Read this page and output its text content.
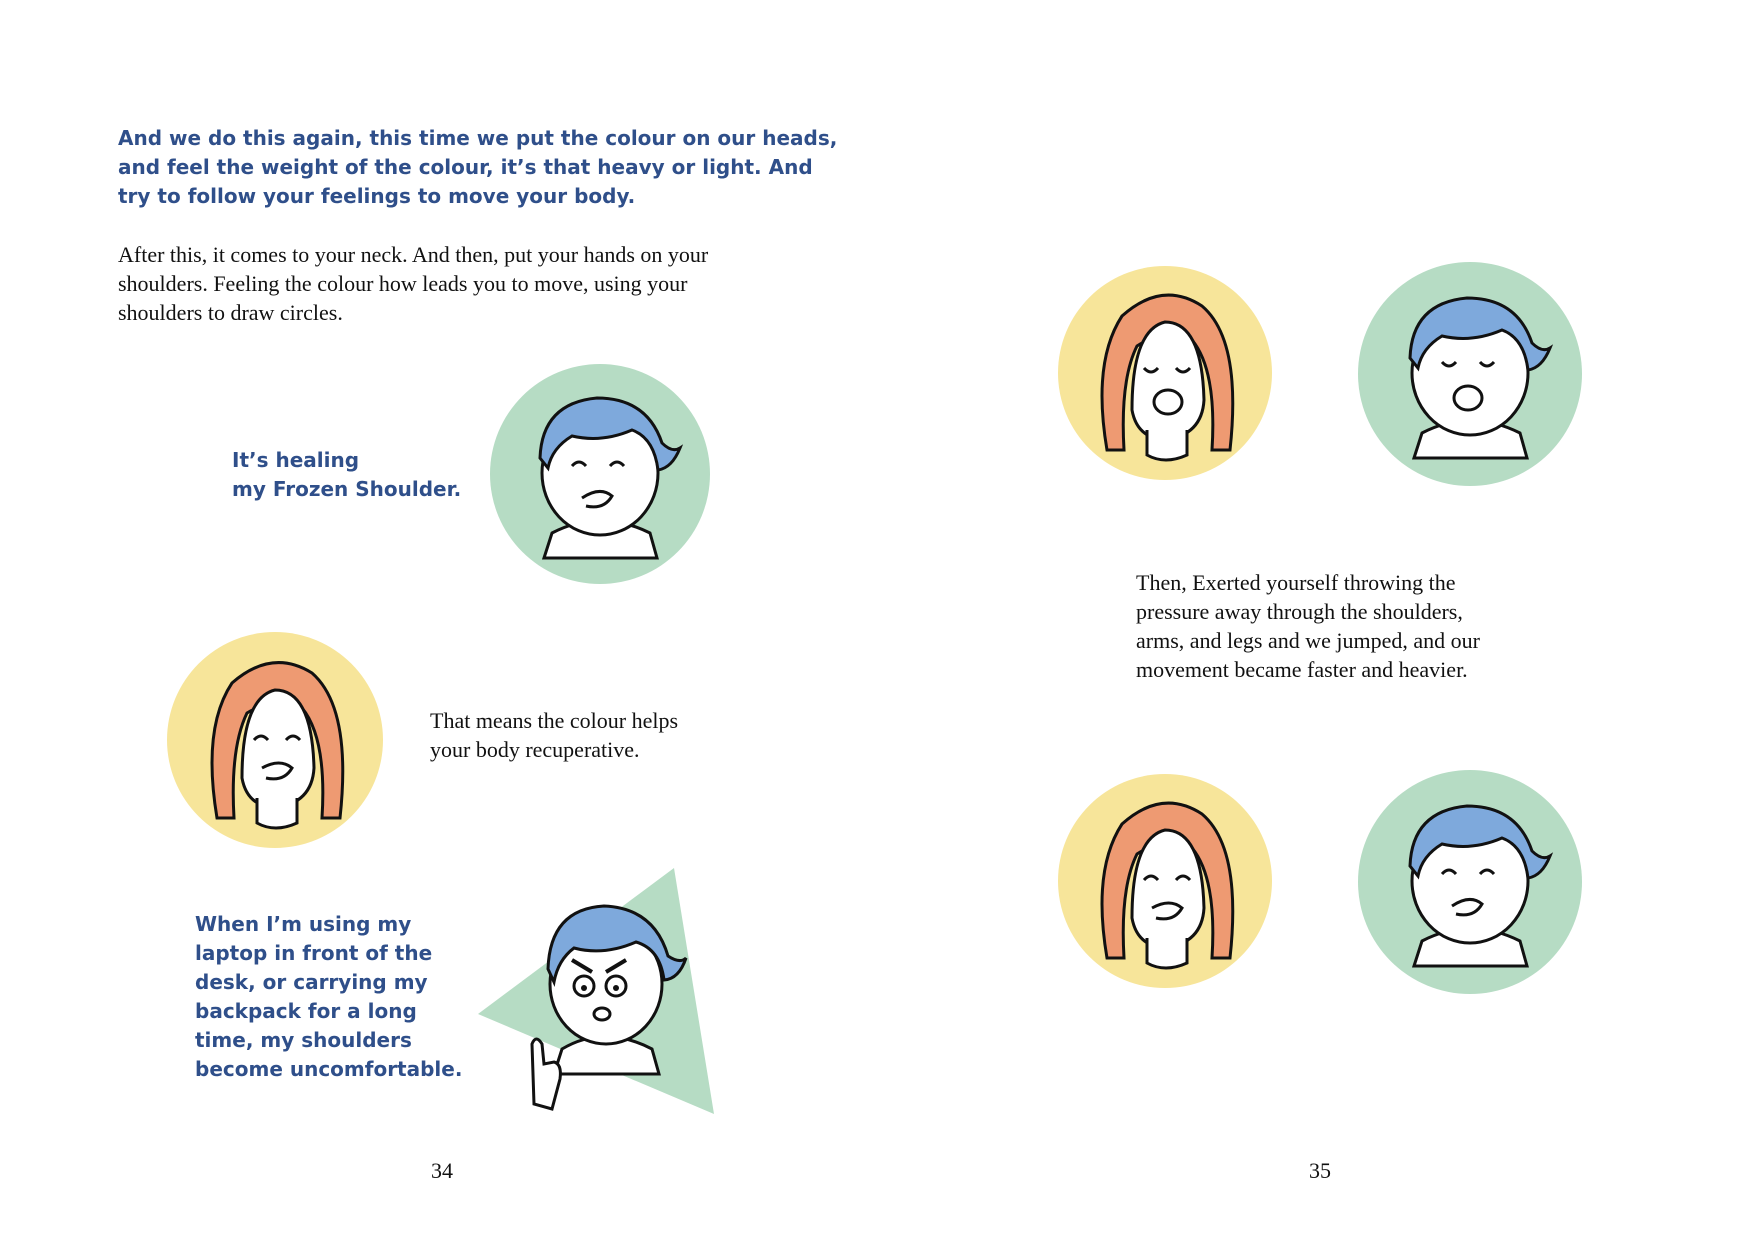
And we do this again, this time we put the colour on our heads,
and feel the weight of the colour, it’s that heavy or light. And
try to follow your feelings to move your body.

After this, it comes to your neck. And then, put your hands on your
shoulders. Feeling the colour how leads you to move, using your
shoulders to draw circles.

It’s healing
my Frozen Shoulder.

That means the colour helps
your body recuperative.

When I’m using my
laptop in front of the
desk, or carrying my
backpack for a long
time, my shoulders
become uncomfortable.

34

Then, Exerted yourself throwing the
pressure away through the shoulders,
arms, and legs and we jumped, and our
movement became faster and heavier.

35
